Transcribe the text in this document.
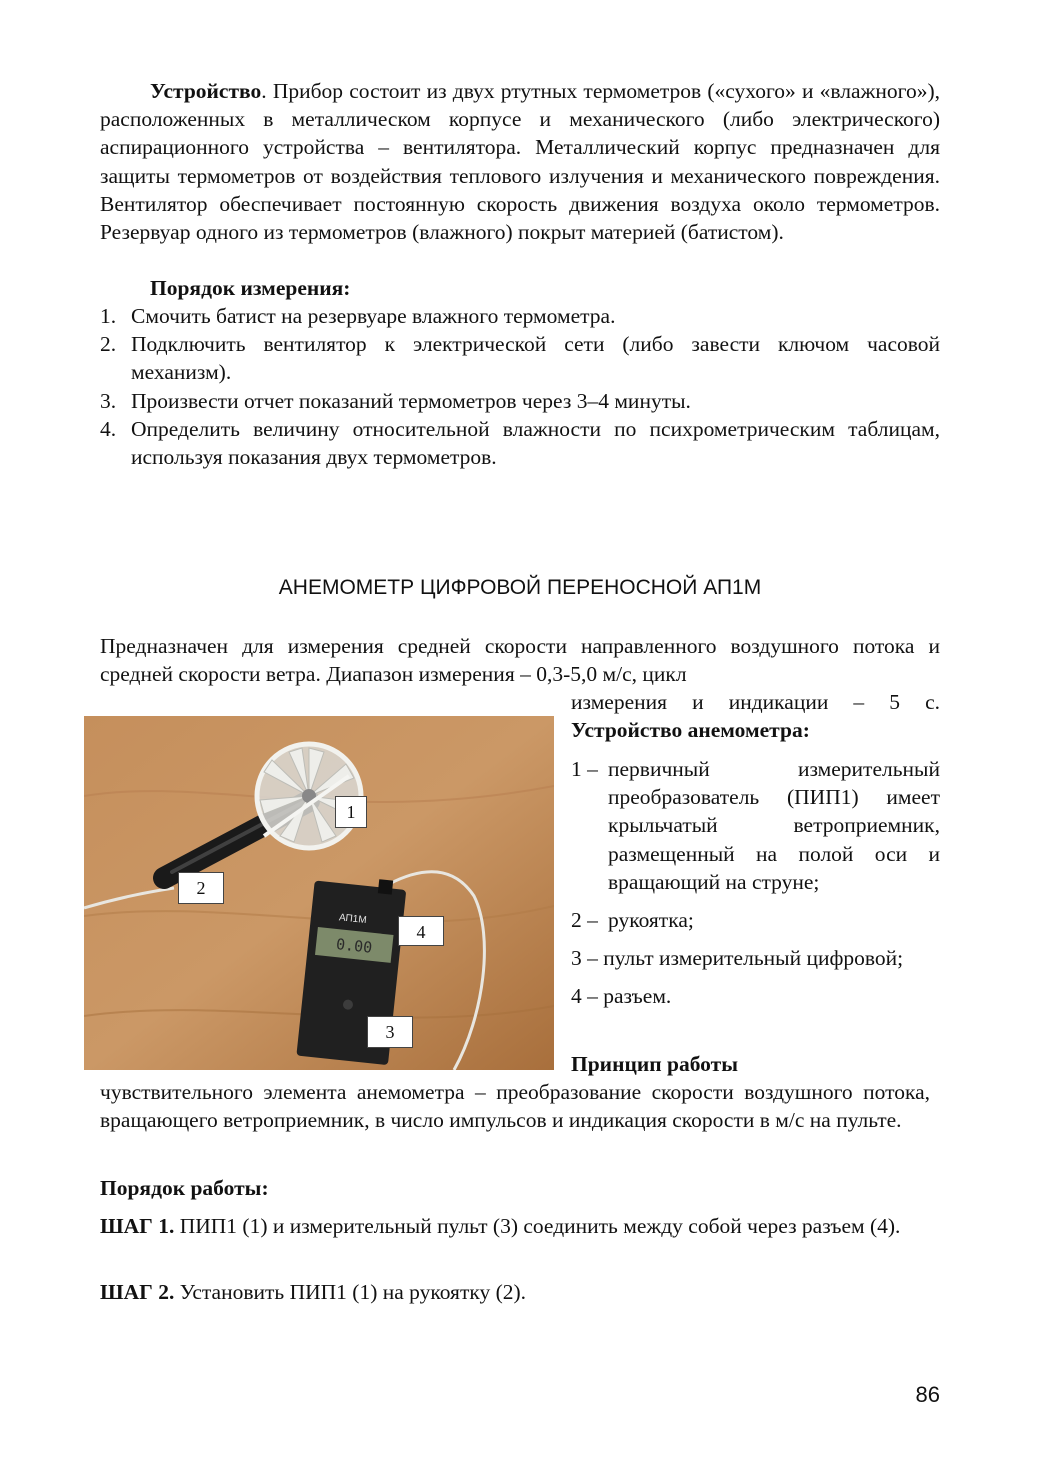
Устройство. Прибор состоит из двух ртутных термометров («сухого» и «влажного»), расположенных в металлическом корпусе и механического (либо электрического) аспирационного устройства – вентилятора. Металлический корпус предназначен для защиты термометров от воздействия теплового излучения и механического повреждения. Вентилятор обеспечивает постоянную скорость движения воздуха около термометров. Резервуар одного из термометров (влажного) покрыт материей (батистом).

Порядок измерения:

1. Смочить батист на резервуаре влажного термометра.
2. Подключить вентилятор к электрической сети (либо завести ключом часовой механизм).
3. Произвести отчет показаний термометров через 3–4 минуты.
4. Определить величину относительной влажности по психрометрическим таблицам, используя показания двух термометров.
АНЕМОМЕТР ЦИФРОВОЙ ПЕРЕНОСНОЙ АП1М

Предназначен для измерения средней скорости направленного воздушного потока и средней скорости ветра. Диапазон измерения – 0,3-5,0 м/с, цикл

измерения и индикации – 5 с.

0.00
АП1М
1
2
4
3

Устройство анемометра:

1 – первичный измерительный преобразователь (ПИП1) имеет крыльчатый ветроприемник, размещенный на полой оси и вращающий на струне;
2 – рукоятка;
3 – пульт измерительный цифровой;
4 – разъем.

Принцип работы

чувствительного элемента анемометра – преобразование скорости воздушного потока, вращающего ветроприемник, в число импульсов и индикация скорости в м/с на пульте.

Порядок работы:

ШАГ 1. ПИП1 (1) и измерительный пульт (3) соединить между собой через разъем (4).

ШАГ 2. Установить ПИП1 (1) на рукоятку (2).

86
